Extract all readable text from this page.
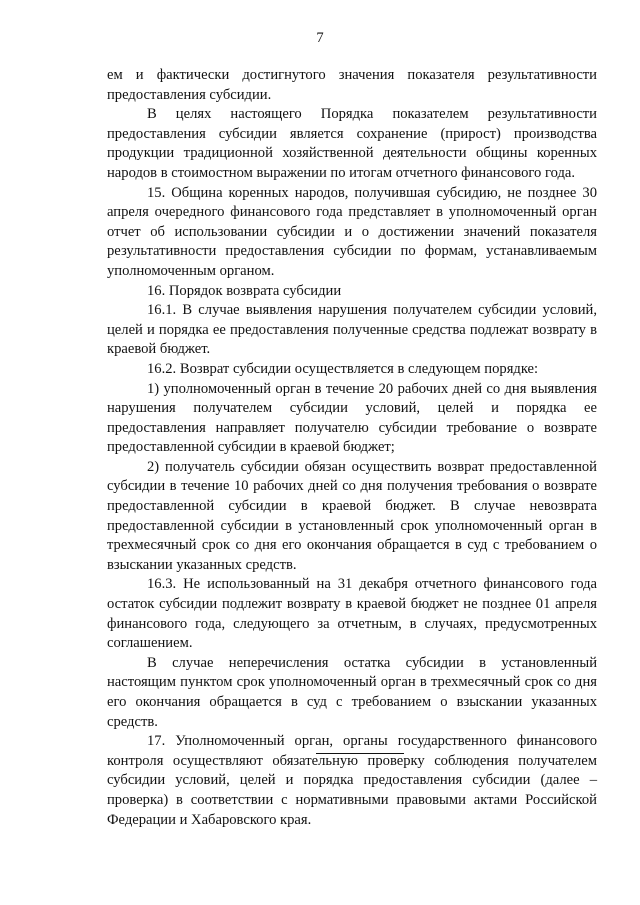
7

ем и фактически достигнутого значения показателя результативности предоставления субсидии.

В целях настоящего Порядка показателем результативности предоставления субсидии является сохранение (прирост) производства продукции традиционной хозяйственной деятельности общины коренных народов в стоимостном выражении по итогам отчетного финансового года.

15. Община коренных народов, получившая субсидию, не позднее 30 апреля очередного финансового года представляет в уполномоченный орган отчет об использовании субсидии и о достижении значений показателя результативности предоставления субсидии по формам, устанавливаемым уполномоченным органом.

16. Порядок возврата субсидии

16.1. В случае выявления нарушения получателем субсидии условий, целей и порядка ее предоставления полученные средства подлежат возврату в краевой бюджет.

16.2. Возврат субсидии осуществляется в следующем порядке:

1) уполномоченный орган в течение 20 рабочих дней со дня выявления нарушения получателем субсидии условий, целей и порядка ее предоставления направляет получателю субсидии требование о возврате предоставленной субсидии в краевой бюджет;

2) получатель субсидии обязан осуществить возврат предоставленной субсидии в течение 10 рабочих дней со дня получения требования о возврате предоставленной субсидии в краевой бюджет. В случае невозврата предоставленной субсидии в установленный срок уполномоченный орган в трехмесячный срок со дня его окончания обращается в суд с требованием о взыскании указанных средств.

16.3. Не использованный на 31 декабря отчетного финансового года остаток субсидии подлежит возврату в краевой бюджет не позднее 01 апреля финансового года, следующего за отчетным, в случаях, предусмотренных соглашением.

В случае неперечисления остатка субсидии в установленный настоящим пунктом срок уполномоченный орган в трехмесячный срок со дня его окончания обращается в суд с требованием о взыскании указанных средств.

17. Уполномоченный орган, органы государственного финансового контроля осуществляют обязательную проверку соблюдения получателем субсидии условий, целей и порядка предоставления субсидии (далее – проверка) в соответствии с нормативными правовыми актами Российской Федерации и Хабаровского края.
